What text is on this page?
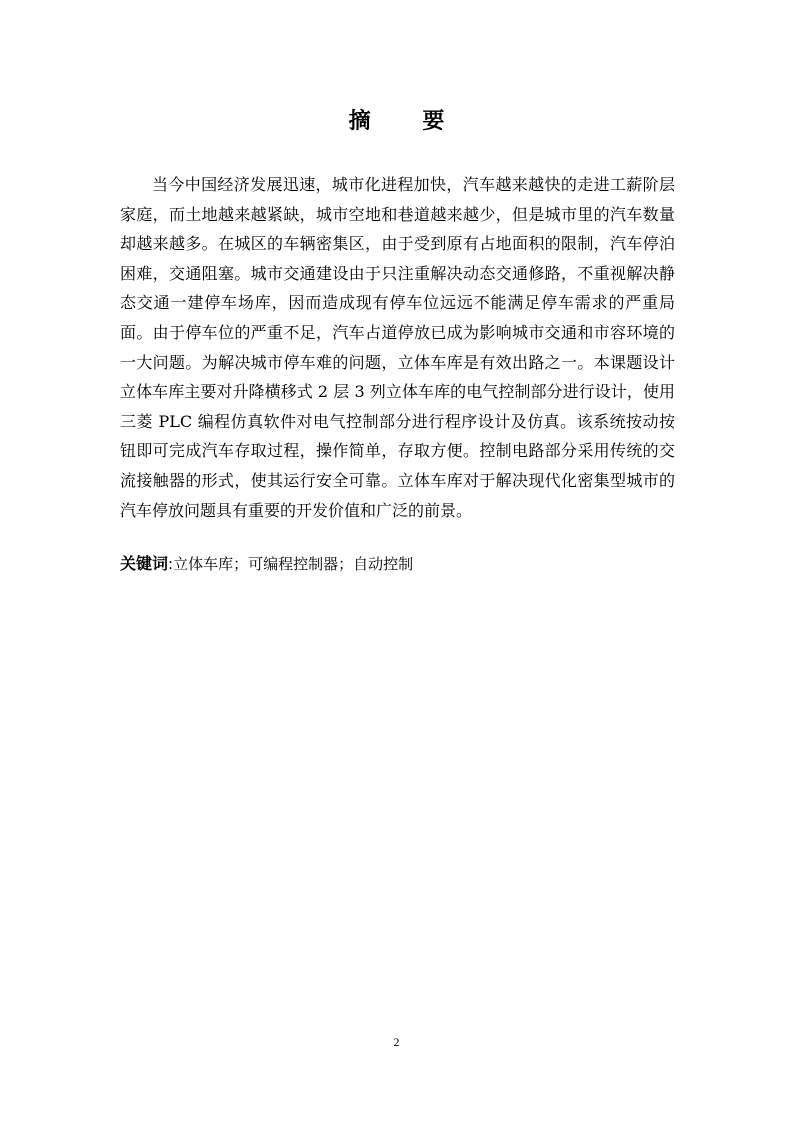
摘 要

当今中国经济发展迅速，城市化进程加快，汽车越来越快的走进工薪阶层家庭，而土地越来越紧缺，城市空地和巷道越来越少，但是城市里的汽车数量却越来越多。在城区的车辆密集区，由于受到原有占地面积的限制，汽车停泊困难，交通阻塞。城市交通建设由于只注重解决动态交通修路，不重视解决静态交通一建停车场库，因而造成现有停车位远远不能满足停车需求的严重局面。由于停车位的严重不足，汽车占道停放已成为影响城市交通和市容环境的一大问题。为解决城市停车难的问题，立体车库是有效出路之一。本课题设计立体车库主要对升降横移式 2 层 3 列立体车库的电气控制部分进行设计，使用三菱 PLC 编程仿真软件对电气控制部分进行程序设计及仿真。该系统按动按钮即可完成汽车存取过程，操作简单，存取方便。控制电路部分采用传统的交流接触器的形式，使其运行安全可靠。立体车库对于解决现代化密集型城市的汽车停放问题具有重要的开发价值和广泛的前景。

关键词:立体车库；可编程控制器；自动控制

2
